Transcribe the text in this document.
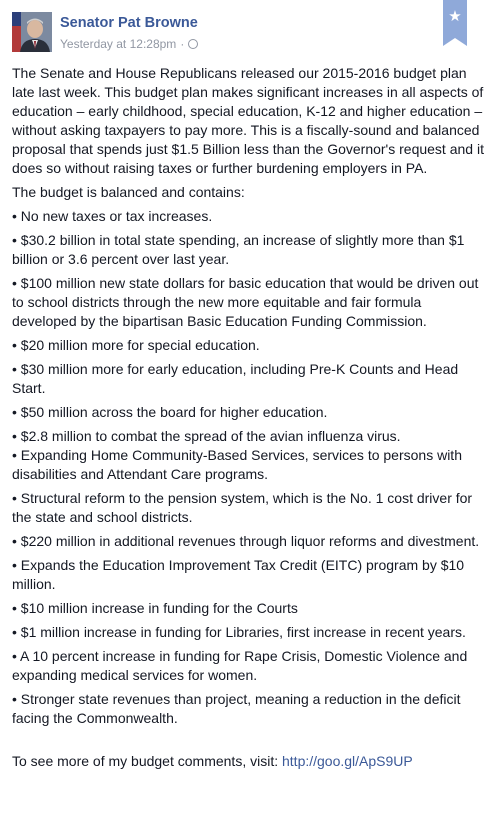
Senator Pat Browne
Yesterday at 12:28pm ·
★

The Senate and House Republicans released our 2015-2016 budget plan late last week. This budget plan makes significant increases in all aspects of education – early childhood, special education, K-12 and higher education – without asking taxpayers to pay more. This is a fiscally-sound and balanced proposal that spends just $1.5 Billion less than the Governor's request and it does so without raising taxes or further burdening employers in PA.

The budget is balanced and contains:

• No new taxes or tax increases.

• $30.2 billion in total state spending, an increase of slightly more than $1 billion or 3.6 percent over last year.

• $100 million new state dollars for basic education that would be driven out to school districts through the new more equitable and fair formula developed by the bipartisan Basic Education Funding Commission.

• $20 million more for special education.

• $30 million more for early education, including Pre-K Counts and Head Start.

• $50 million across the board for higher education.

• $2.8 million to combat the spread of the avian influenza virus.

• Expanding Home Community-Based Services, services to persons with disabilities and Attendant Care programs.

• Structural reform to the pension system, which is the No. 1 cost driver for the state and school districts.

• $220 million in additional revenues through liquor reforms and divestment.

• Expands the Education Improvement Tax Credit (EITC) program by $10 million.

• $10 million increase in funding for the Courts

• $1 million increase in funding for Libraries, first increase in recent years.

• A 10 percent increase in funding for Rape Crisis, Domestic Violence and expanding medical services for women.

• Stronger state revenues than project, meaning a reduction in the deficit facing the Commonwealth.

To see more of my budget comments, visit: http://goo.gl/ApS9UP
